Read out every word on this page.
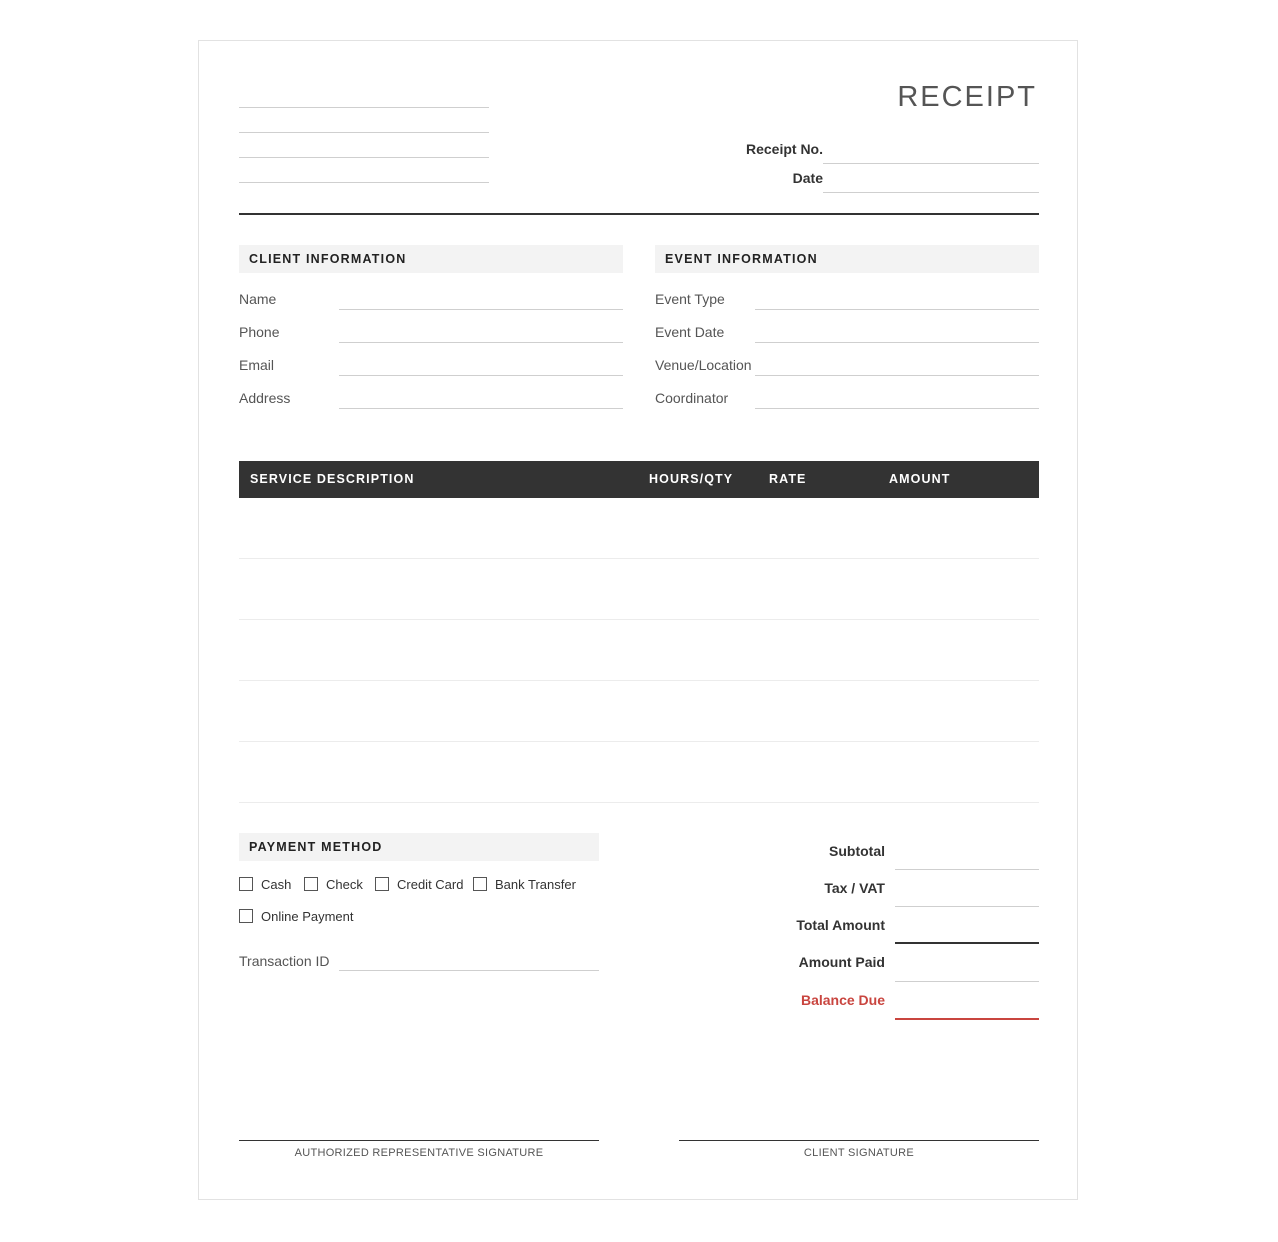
RECEIPT
Receipt No.
Date
CLIENT INFORMATION
Name
Phone
Email
Address
EVENT INFORMATION
Event Type
Event Date
Venue/Location
Coordinator
SERVICE DESCRIPTION	HOURS/QTY	RATE	AMOUNT
PAYMENT METHOD
Cash	Check	Credit Card Bank Transfer
Online Payment
Transaction ID
Subtotal
Tax / VAT
Total Amount
Amount Paid
Balance Due
AUTHORIZED REPRESENTATIVE SIGNATURE	CLIENT SIGNATURE
